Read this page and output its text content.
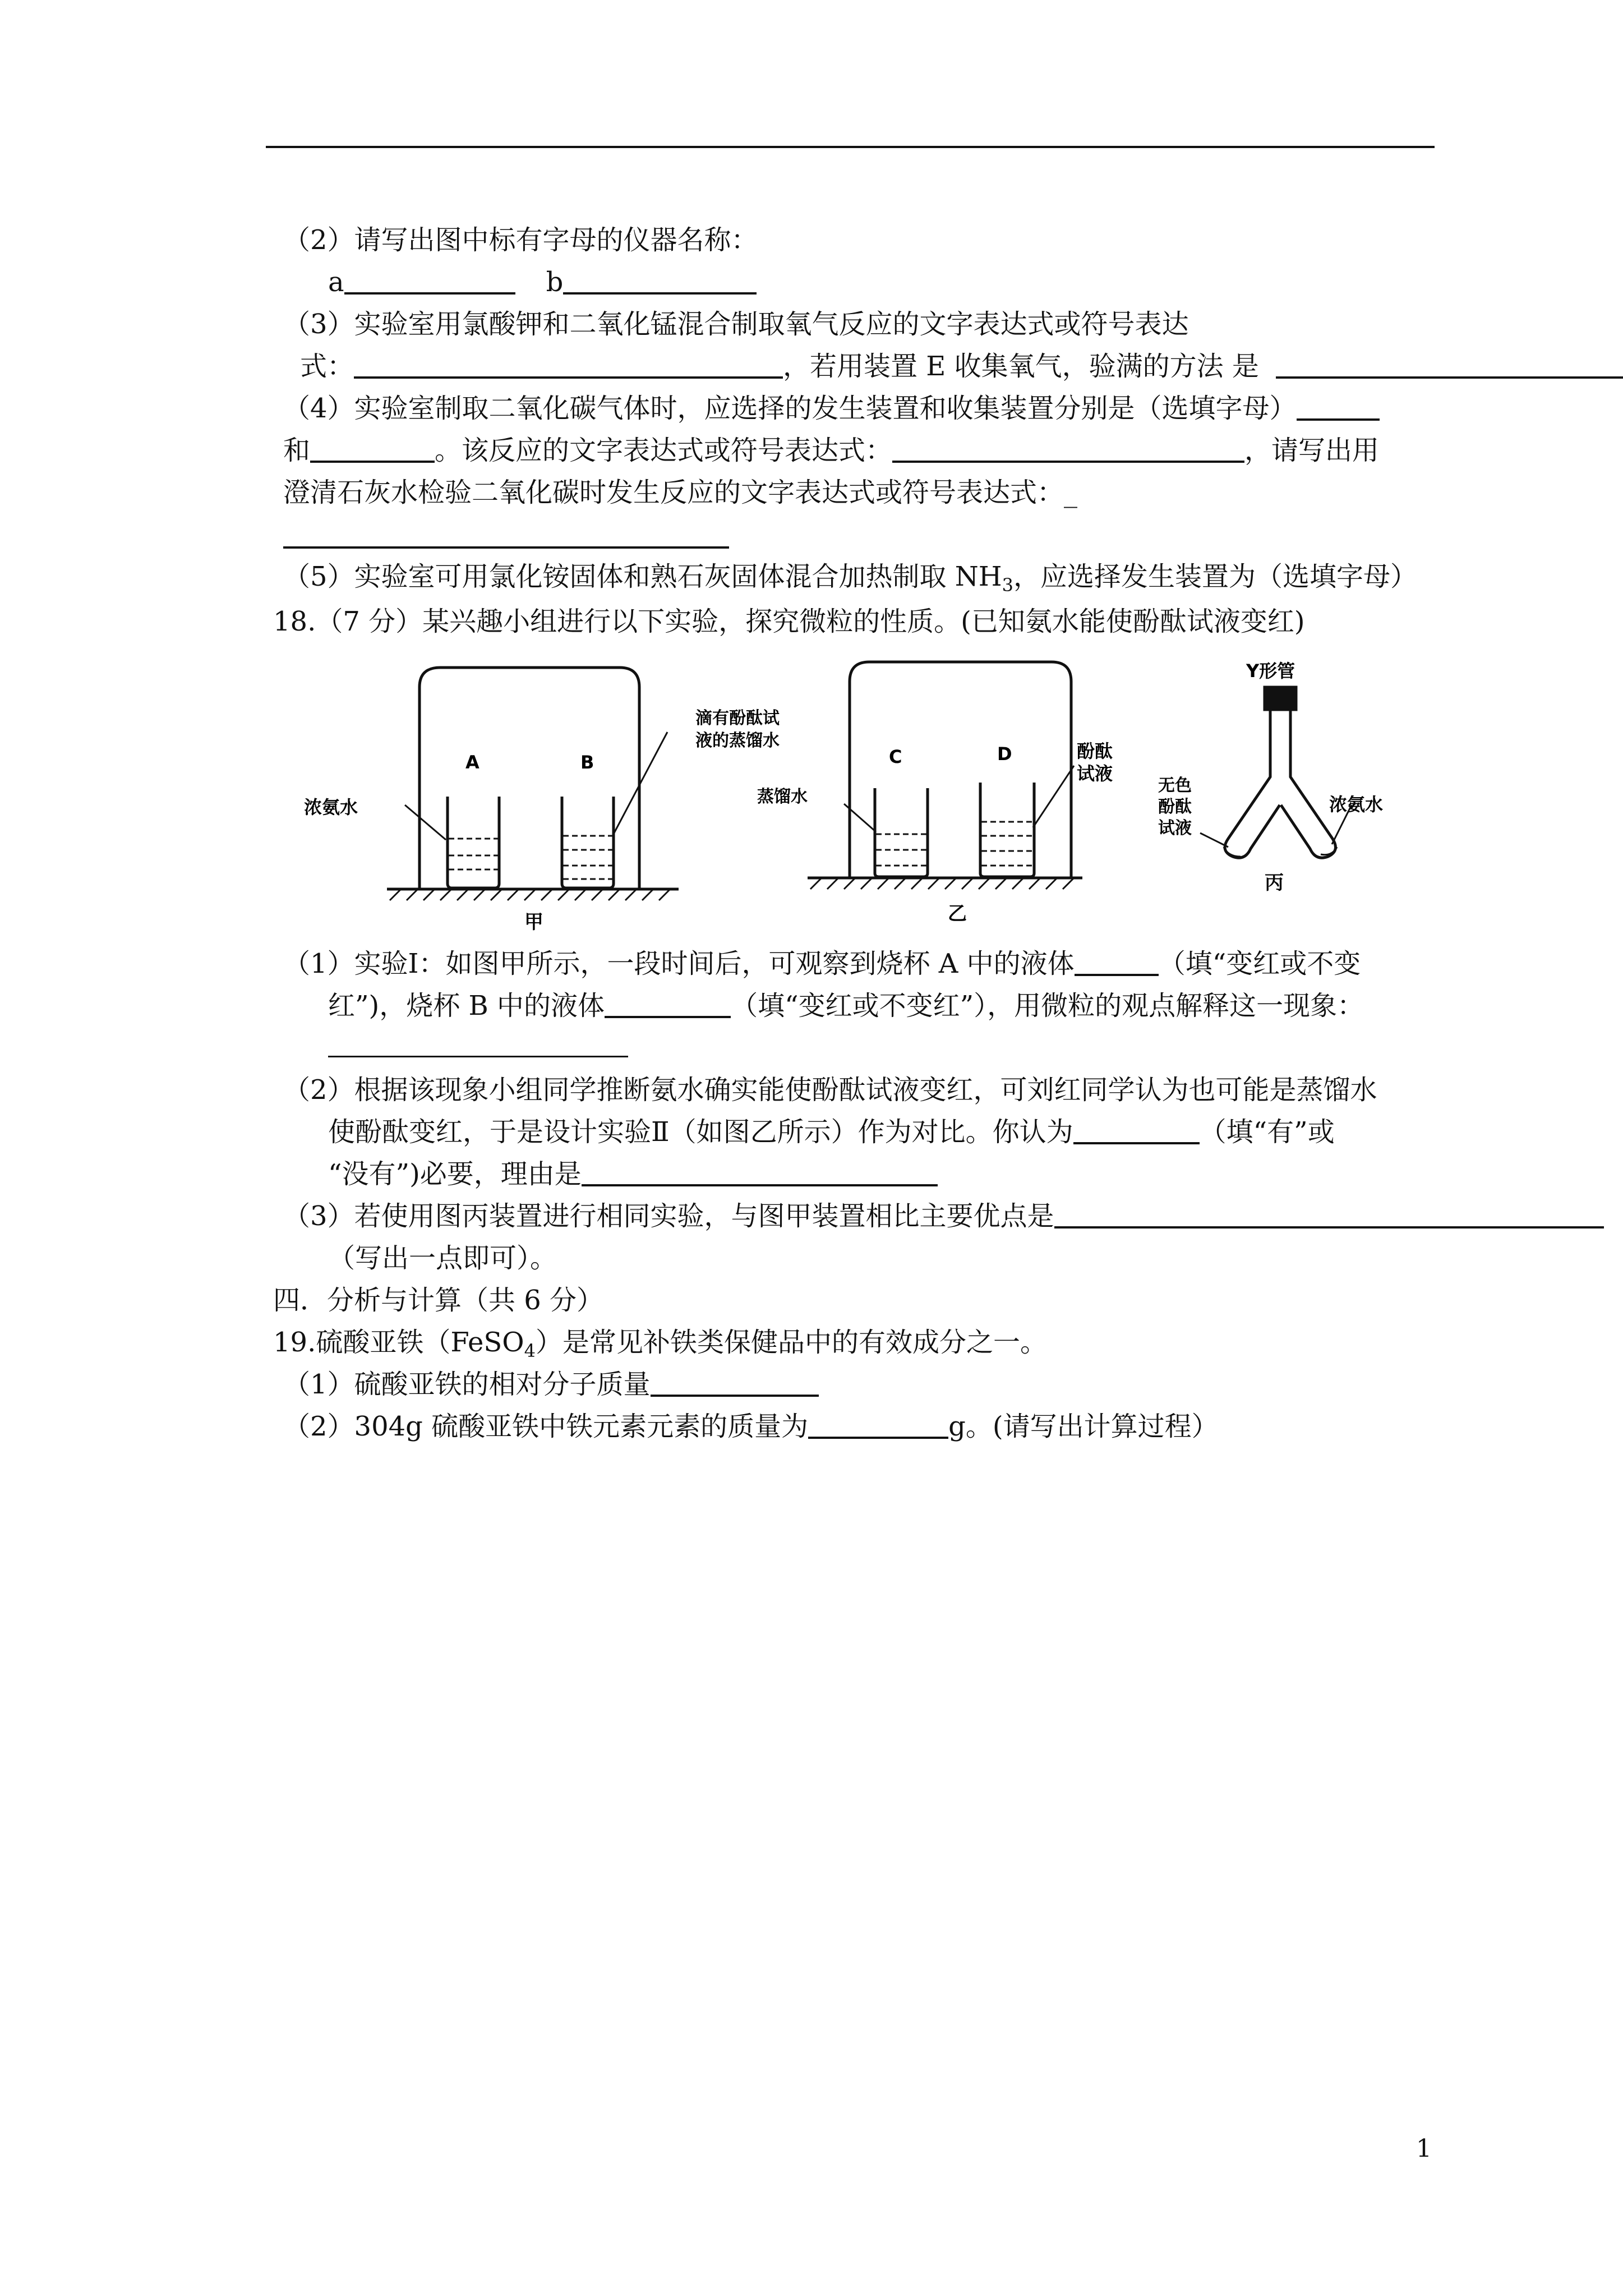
（2）请写出图中标有字母的仪器名称：
a	b
（3）实验室用氯酸钾和二氧化锰混合制取氧气反应的文字表达式或符号表达
式：	，若用装置 E 收集氧气，验满的方法 是
（4）实验室制取二氧化碳气体时，应选择的发生装置和收集装置分别是（选填字母）
和	。该反应的文字表达式或符号表达式：	，请写出用
澄清石灰水检验二氧化碳时发生反应的文字表达式或符号表达式：_
（5）实验室可用氯化铵固体和熟石灰固体混合加热制取 $NH_3$，应选择发生装置为（选填字母）
18.（7 分）某兴趣小组进行以下实验，探究微粒的性质。(已知氨水能使酚酞试液变红)
浓氨水
滴有酚酞试
液的蒸馏水
A	B
甲
蒸馏水
酚酞
试液
C	D
乙
Y形管
无色
酚酞
试液
浓氨水
丙
（1）实验Ⅰ：如图甲所示，一段时间后，可观察到烧杯 A 中的液体	（填“变红或不变
红”)，烧杯 B 中的液体	（填“变红或不变红”），用微粒的观点解释这一现象：
（2）根据该现象小组同学推断氨水确实能使酚酞试液变红，可刘红同学认为也可能是蒸馏水
使酚酞变红，于是设计实验Ⅱ（如图乙所示）作为对比。你认为	（填“有”或
“没有”)必要，理由是
（3）若使用图丙装置进行相同实验，与图甲装置相比主要优点是
（写出一点即可）。
四．分析与计算（共 6 分）
19.硫酸亚铁（FeSO$_4$）是常见补铁类保健品中的有效成分之一。
（1）硫酸亚铁的相对分子质量
（2）304g 硫酸亚铁中铁元素元素的质量为	g。(请写出计算过程）
1
